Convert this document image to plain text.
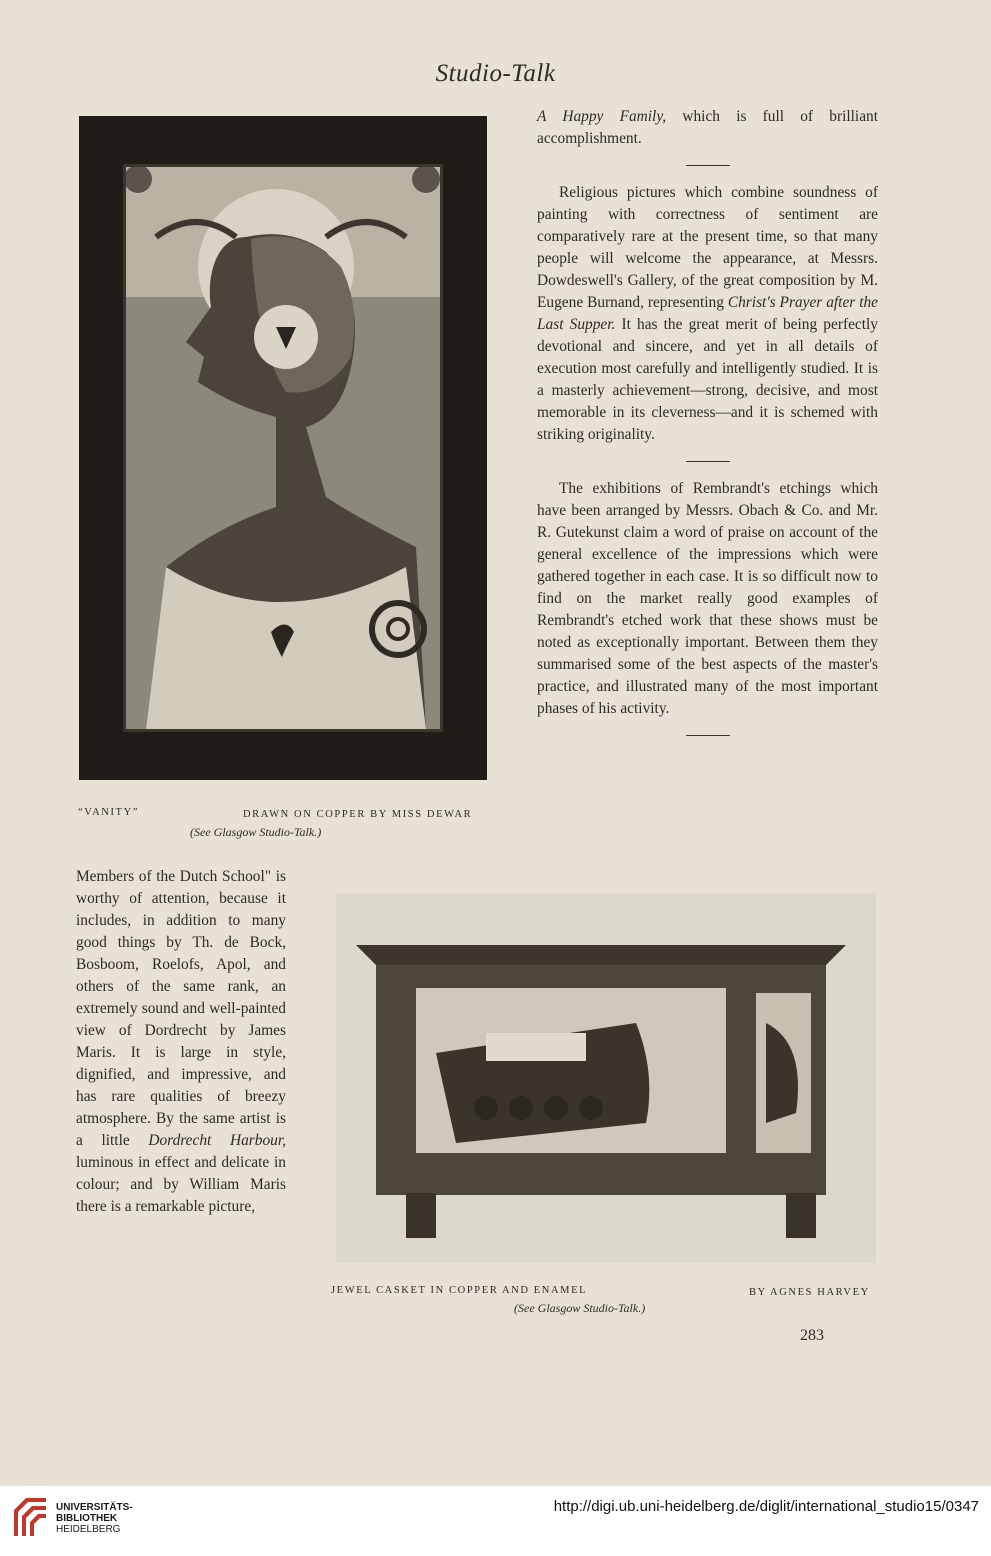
Studio-Talk
“VANITY”	DRAWN ON COPPER BY MISS DEWAR
(See Glasgow Studio-Talk.)

A Happy Family, which is full of brilliant accomplishment.

Religious pictures which combine soundness of painting with correctness of sentiment are comparatively rare at the present time, so that many people will welcome the appearance, at Messrs. Dowdeswell's Gallery, of the great composition by M. Eugene Burnand, representing Christ's Prayer after the Last Supper. It has the great merit of being perfectly devotional and sincere, and yet in all details of execution most carefully and intelligently studied. It is a masterly achievement—strong, decisive, and most memorable in its cleverness—and it is schemed with striking originality.

The exhibitions of Rembrandt's etchings which have been arranged by Messrs. Obach & Co. and Mr. R. Gutekunst claim a word of praise on account of the general excellence of the impressions which were gathered together in each case. It is so difficult now to find on the market really good examples of Rembrandt's etched work that these shows must be noted as exceptionally important. Between them they summarised some of the best aspects of the master's practice, and illustrated many of the most important phases of his activity.

Members of the Dutch School" is worthy of attention, because it includes, in addition to many good things by Th. de Bock, Bosboom, Roelofs, Apol, and others of the same rank, an extremely sound and well-painted view of Dordrecht by James Maris. It is large in style, dignified, and impressive, and has rare qualities of breezy atmosphere. By the same artist is a little Dordrecht Harbour, luminous in effect and delicate in colour; and by William Maris there is a remarkable picture,

JEWEL CASKET IN COPPER AND ENAMEL	BY AGNES HARVEY
(See Glasgow Studio-Talk.)
283
UNIVERSITÄTS-
BIBLIOTHEK
HEIDELBERG
http://digi.ub.uni-heidelberg.de/diglit/international_studio15/0347
